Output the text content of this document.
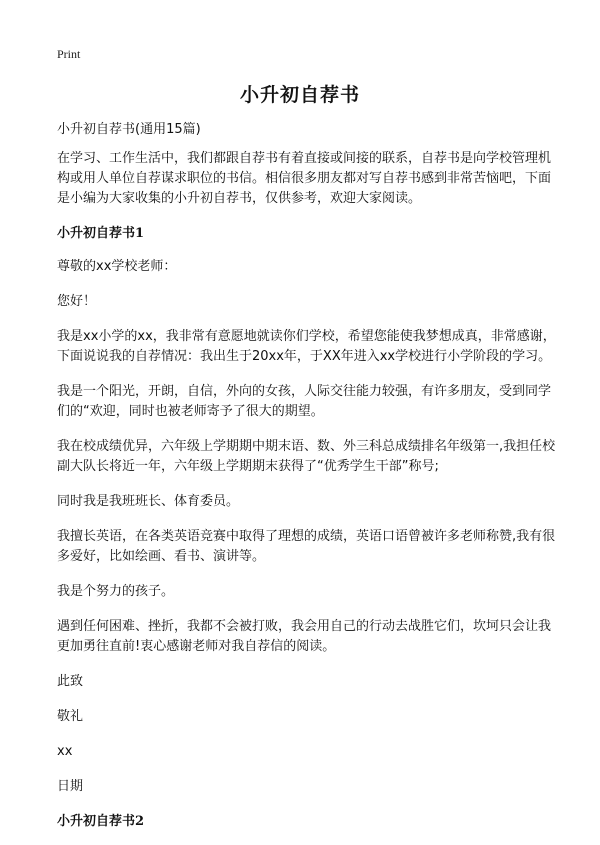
Print
小升初自荐书

小升初自荐书(通用15篇)

在学习、工作生活中，我们都跟自荐书有着直接或间接的联系，自荐书是向学校管理机构或用人单位自荐谋求职位的书信。相信很多朋友都对写自荐书感到非常苦恼吧，下面是小编为大家收集的小升初自荐书，仅供参考，欢迎大家阅读。

小升初自荐书1

尊敬的xx学校老师：

您好！

我是xx小学的xx，我非常有意愿地就读你们学校，希望您能使我梦想成真，非常感谢，下面说说我的自荐情况：我出生于20xx年，于XX年进入xx学校进行小学阶段的学习。

我是一个阳光，开朗，自信，外向的女孩，人际交往能力较强，有许多朋友，受到同学们的“欢迎，同时也被老师寄予了很大的期望。

我在校成绩优异，六年级上学期期中期末语、数、外三科总成绩排名年级第一,我担任校副大队长将近一年，六年级上学期期末获得了“优秀学生干部”称号;

同时我是我班班长、体育委员。

我擅长英语，在各类英语竞赛中取得了理想的成绩，英语口语曾被许多老师称赞,我有很多爱好，比如绘画、看书、演讲等。

我是个努力的孩子。

遇到任何困难、挫折，我都不会被打败，我会用自己的行动去战胜它们，坎坷只会让我更加勇往直前!衷心感谢老师对我自荐信的阅读。

此致

敬礼

xx

日期

小升初自荐书2
